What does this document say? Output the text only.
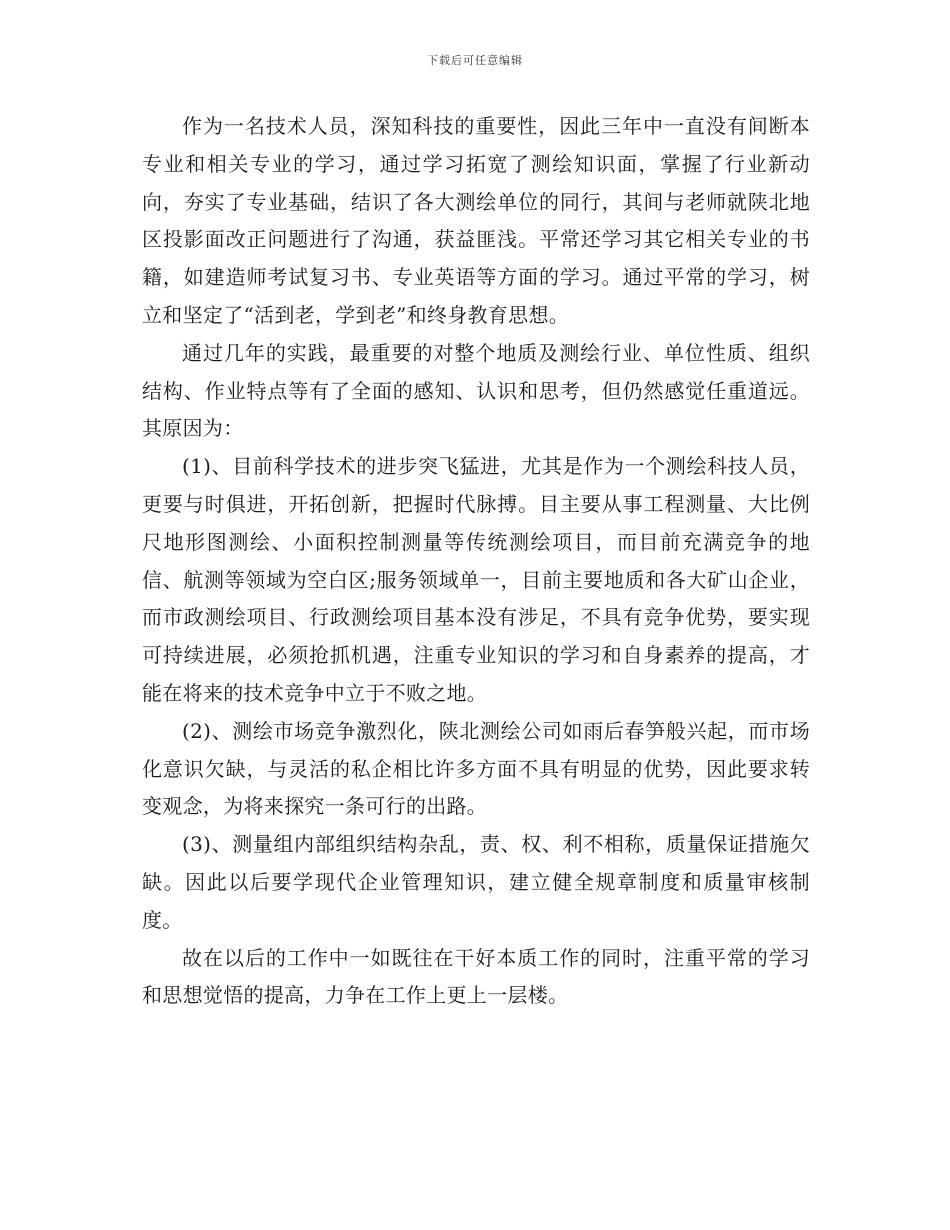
下载后可任意编辑

作为一名技术人员，深知科技的重要性，因此三年中一直没有间断本专业和相关专业的学习，通过学习拓宽了测绘知识面，掌握了行业新动向，夯实了专业基础，结识了各大测绘单位的同行，其间与老师就陕北地区投影面改正问题进行了沟通，获益匪浅。平常还学习其它相关专业的书籍，如建造师考试复习书、专业英语等方面的学习。通过平常的学习，树立和坚定了“活到老，学到老”和终身教育思想。

通过几年的实践，最重要的对整个地质及测绘行业、单位性质、组织结构、作业特点等有了全面的感知、认识和思考，但仍然感觉任重道远。其原因为：

(1)、目前科学技术的进步突飞猛进，尤其是作为一个测绘科技人员，更要与时俱进，开拓创新，把握时代脉搏。目主要从事工程测量、大比例尺地形图测绘、小面积控制测量等传统测绘项目，而目前充满竞争的地信、航测等领域为空白区;服务领域单一，目前主要地质和各大矿山企业，而市政测绘项目、行政测绘项目基本没有涉足，不具有竞争优势，要实现可持续进展，必须抢抓机遇，注重专业知识的学习和自身素养的提高，才能在将来的技术竞争中立于不败之地。

(2)、测绘市场竞争激烈化，陕北测绘公司如雨后春笋般兴起，而市场化意识欠缺，与灵活的私企相比许多方面不具有明显的优势，因此要求转变观念，为将来探究一条可行的出路。

(3)、测量组内部组织结构杂乱，责、权、利不相称，质量保证措施欠缺。因此以后要学现代企业管理知识，建立健全规章制度和质量审核制度。

故在以后的工作中一如既往在干好本质工作的同时，注重平常的学习和思想觉悟的提高，力争在工作上更上一层楼。
